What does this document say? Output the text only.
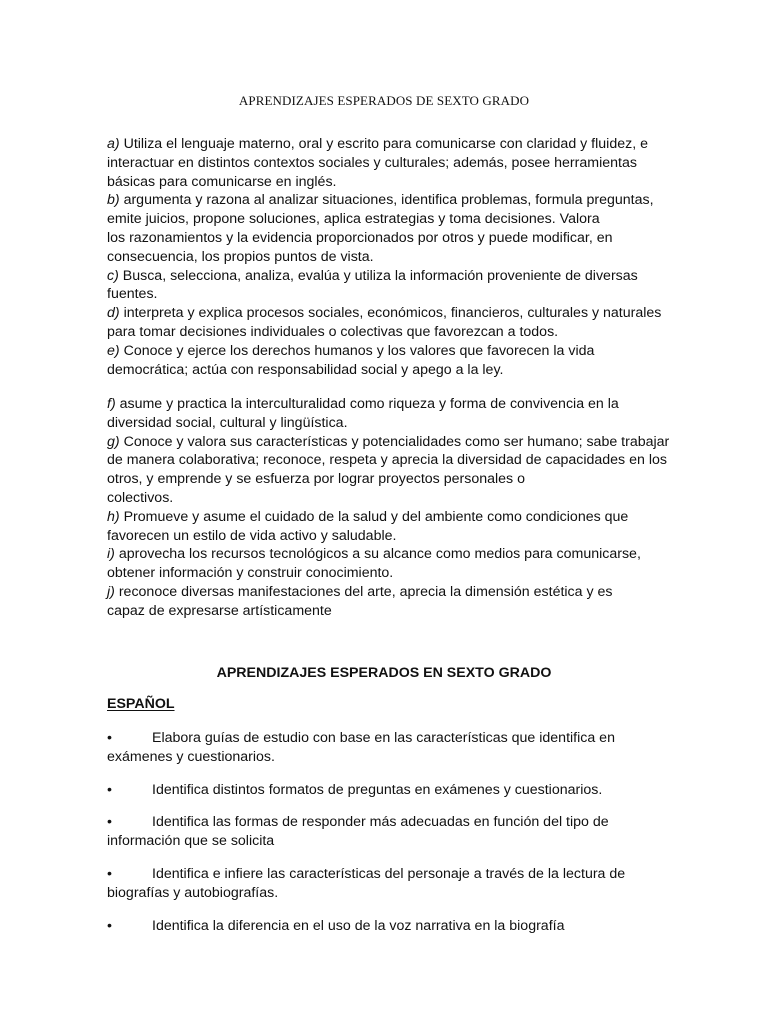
APRENDIZAJES ESPERADOS DE SEXTO GRADO
a) Utiliza el lenguaje materno, oral y escrito para comunicarse con claridad y fluidez, e
interactuar en distintos contextos sociales y culturales; además, posee herramientas
básicas para comunicarse en inglés.
b) argumenta y razona al analizar situaciones, identifica problemas, formula preguntas,
emite juicios, propone soluciones, aplica estrategias y toma decisiones. Valora
los razonamientos y la evidencia proporcionados por otros y puede modificar, en
consecuencia, los propios puntos de vista.
c) Busca, selecciona, analiza, evalúa y utiliza la información proveniente de diversas
fuentes.
d) interpreta y explica procesos sociales, económicos, financieros, culturales y naturales
para tomar decisiones individuales o colectivas que favorezcan a todos.
e) Conoce y ejerce los derechos humanos y los valores que favorecen la vida
democrática; actúa con responsabilidad social y apego a la ley.
f) asume y practica la interculturalidad como riqueza y forma de convivencia en la
diversidad social, cultural y lingüística.
g) Conoce y valora sus características y potencialidades como ser humano; sabe trabajar
de manera colaborativa; reconoce, respeta y aprecia la diversidad de capacidades en los
otros, y emprende y se esfuerza por lograr proyectos personales o
colectivos.
h) Promueve y asume el cuidado de la salud y del ambiente como condiciones que
favorecen un estilo de vida activo y saludable.
i) aprovecha los recursos tecnológicos a su alcance como medios para comunicarse,
obtener información y construir conocimiento.
j) reconoce diversas manifestaciones del arte, aprecia la dimensión estética y es
capaz de expresarse artísticamente
APRENDIZAJES ESPERADOS EN SEXTO GRADO
ESPAÑOL
•	Elabora guías de estudio con base en las características que identifica en
exámenes y cuestionarios.
•	Identifica distintos formatos de preguntas en exámenes y cuestionarios.
•	Identifica las formas de responder más adecuadas en función del tipo de
información que se solicita
•	Identifica e infiere las características del personaje a través de la lectura de
biografías y autobiografías.
•	Identifica la diferencia en el uso de la voz narrativa en la biografía
